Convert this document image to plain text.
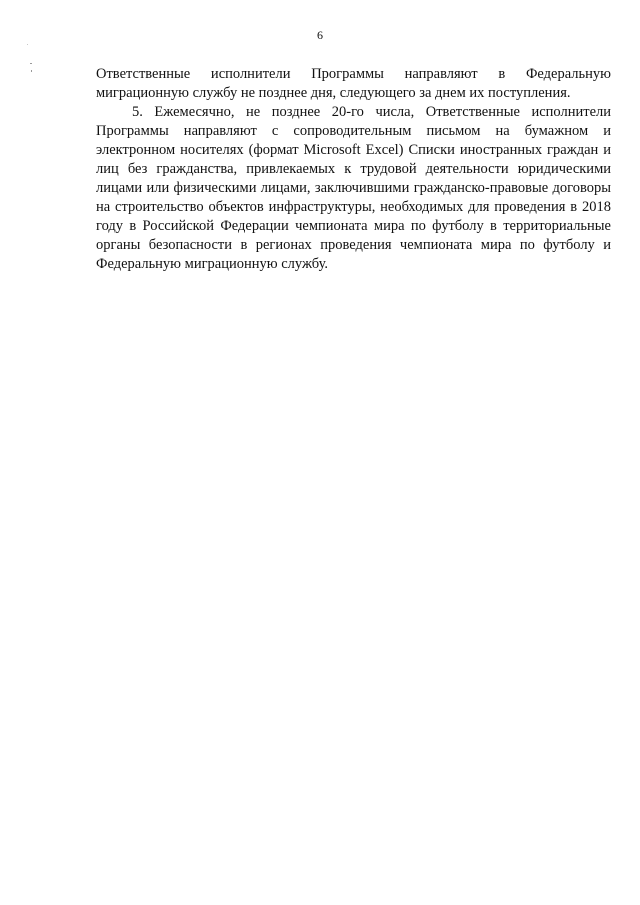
6

Ответственные исполнители Программы направляют в Федеральную миграционную службу не позднее дня, следующего за днем их поступления.

5. Ежемесячно, не позднее 20-го числа, Ответственные исполнители Программы направляют с сопроводительным письмом на бумажном и электронном носителях (формат Microsoft Excel) Списки иностранных граждан и лиц без гражданства, привлекаемых к трудовой деятельности юридическими лицами или физическими лицами, заключившими гражданско-правовые договоры на строительство объектов инфраструктуры, необходимых для проведения в 2018 году в Российской Федерации чемпионата мира по футболу в территориальные органы безопасности в регионах проведения чемпионата мира по футболу и Федеральную миграционную службу.
